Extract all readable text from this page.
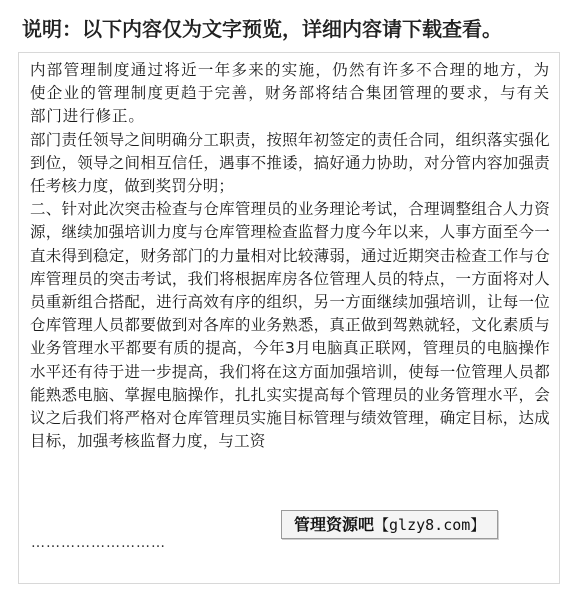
说明：以下内容仅为文字预览，详细内容请下载查看。

内部管理制度通过将近一年多来的实施，仍然有许多不合理的地方，为使企业的管理制度更趋于完善，财务部将结合集团管理的要求，与有关部门进行修正。

部门责任领导之间明确分工职责，按照年初签定的责任合同，组织落实强化到位，领导之间相互信任，遇事不推诿，搞好通力协助，对分管内容加强责任考核力度，做到奖罚分明；

二、针对此次突击检查与仓库管理员的业务理论考试，合理调整组合人力资源，继续加强培训力度与仓库管理检查监督力度今年以来，人事方面至今一直未得到稳定，财务部门的力量相对比较薄弱，通过近期突击检查工作与仓库管理员的突击考试，我们将根据库房各位管理人员的特点，一方面将对人员重新组合搭配，进行高效有序的组织，另一方面继续加强培训，让每一位仓库管理人员都要做到对各库的业务熟悉，真正做到驾熟就轻，文化素质与业务管理水平都要有质的提高，今年3月电脑真正联网，管理员的电脑操作水平还有待于进一步提高，我们将在这方面加强培训，使每一位管理人员都能熟悉电脑、掌握电脑操作，扎扎实实提高每个管理员的业务管理水平，会议之后我们将严格对仓库管理员实施目标管理与绩效管理，确定目标，达成目标，加强考核监督力度，与工资

………………………
管理资源吧【glzy8.com】
